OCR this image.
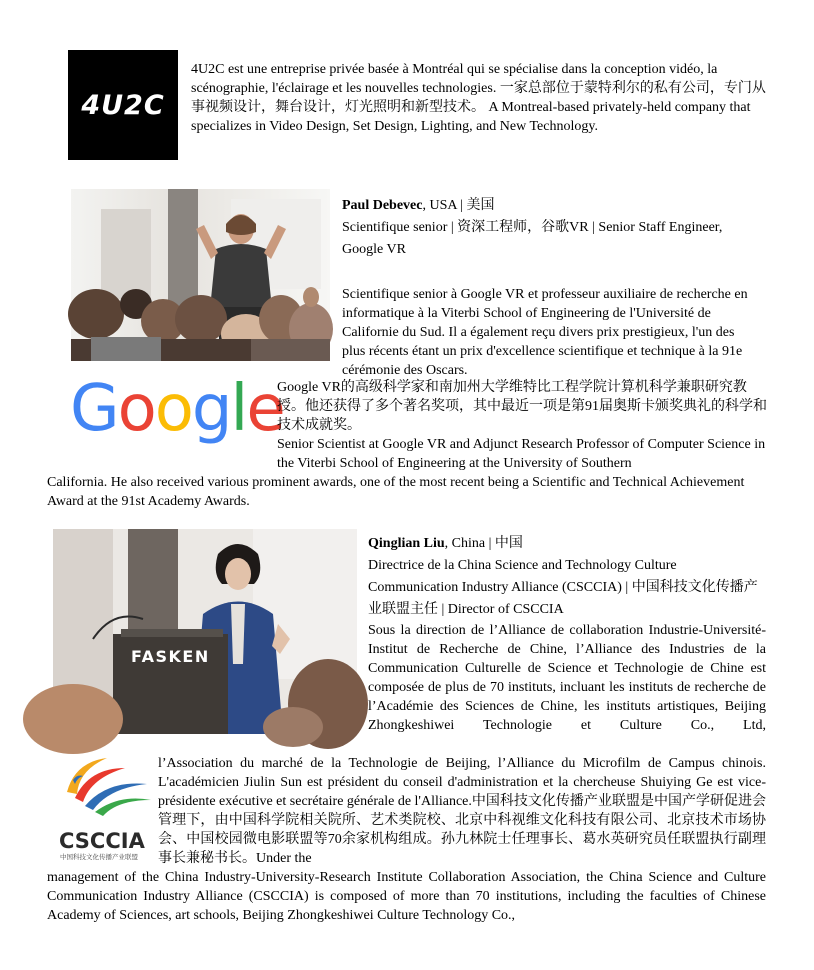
4U2C
4U2C est une entreprise privée basée à Montréal qui se spécialise dans la conception vidéo, la scénographie, l'éclairage et les nouvelles technologies. 一家总部位于蒙特利尔的私有公司，专门从事视频设计，舞台设计，灯光照明和新型技术。 A Montreal-based privately-held company that specializes in Video Design, Set Design, Lighting, and New Technology.

Paul Debevec, USA | 美国

Scientifique senior | 资深工程师，谷歌VR | Senior Staff Engineer, Google VR

Scientifique senior à Google VR et professeur auxiliaire de recherche en informatique à la Viterbi School of Engineering de l'Université de Californie du Sud. Il a également reçu divers prix prestigieux, l'un des plus récents étant un prix d'excellence scientifique et technique à la 91e cérémonie des Oscars.

Google

Google VR的高级科学家和南加州大学维特比工程学院计算机科学兼职研究教授。他还获得了多个著名奖项，其中最近一项是第91届奥斯卡颁奖典礼的科学和技术成就奖。

Senior Scientist at Google VR and Adjunct Research Professor of Computer Science in the Viterbi School of Engineering at the University of Southern

California. He also received various prominent awards, one of the most recent being a Scientific and Technical Achievement Award at the 91st Academy Awards.

FASKEN

Qinglian Liu, China | 中国

Directrice de la China Science and Technology Culture Communication Industry Alliance (CSCCIA) | 中国科技文化传播产业联盟主任 | Director of CSCCIA

Sous la direction de l’Alliance de collaboration Industrie-Université-Institut de Recherche de Chine, l’Alliance des Industries de la Communication Culturelle de Science et Technologie de Chine est composée de plus de 70 instituts, incluant les instituts de recherche de l’Académie des Sciences de Chine, les instituts artistiques, Beijing Zhongkeshiwei Technologie et Culture Co., Ltd,

CSCCIA
中国科技文化传播产业联盟
l’Association du marché de la Technologie de Beijing, l’Alliance du Microfilm de Campus chinois. L'académicien Jiulin Sun est président du conseil d'administration et la chercheuse Shuiying Ge est vice-présidente exécutive et secrétaire générale de l'Alliance.中国科技文化传播产业联盟是中国产学研促进会管理下，由中国科学院相关院所、艺术类院校、北京中科视维文化科技有限公司、北京技术市场协会、中国校园微电影联盟等70余家机构组成。孙九林院士任理事长、葛水英研究员任联盟执行副理事长兼秘书长。Under the

management of the China Industry-University-Research Institute Collaboration Association, the China Science and Culture Communication Industry Alliance (CSCCIA) is composed of more than 70 institutions, including the faculties of Chinese Academy of Sciences, art schools, Beijing Zhongkeshiwei Culture Technology Co.,
